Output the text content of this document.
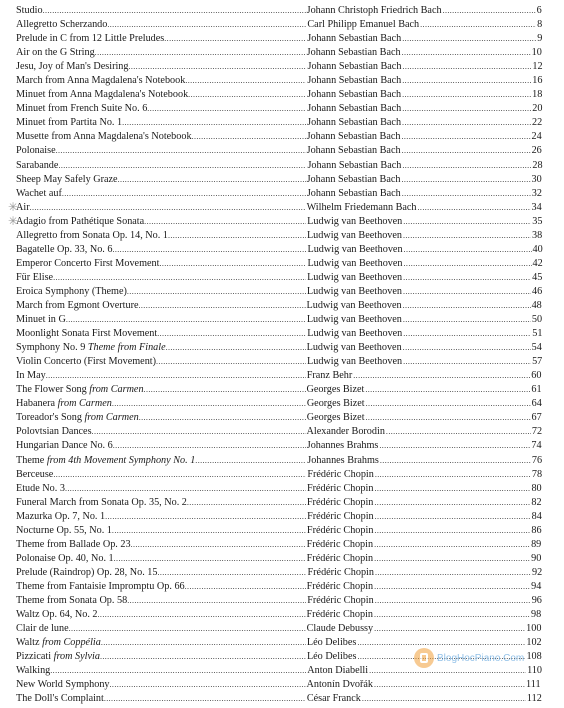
Studio .....	Johann Christoph Friedrich Bach .....	6
Allegretto Scherzando .....	Carl Philipp Emanuel Bach .....	8
Prelude in C from 12 Little Preludes .....	Johann Sebastian Bach .....	9
Air on the G String .....	Johann Sebastian Bach .....	10
Jesu, Joy of Man's Desiring .....	Johann Sebastian Bach .....	12
March from Anna Magdalena's Notebook .....	Johann Sebastian Bach .....	16
Minuet from Anna Magdalena's Notebook .....	Johann Sebastian Bach .....	18
Minuet from French Suite No. 6 .....	Johann Sebastian Bach .....	20
Minuet from Partita No. 1 .....	Johann Sebastian Bach .....	22
Musette from Anna Magdalena's Notebook .....	Johann Sebastian Bach .....	24
Polonaise .....	Johann Sebastian Bach .....	26
Sarabande .....	Johann Sebastian Bach .....	28
Sheep May Safely Graze .....	Johann Sebastian Bach .....	30
Wachet auf .....	Johann Sebastian Bach .....	32
Air .....	Wilhelm Friedemann Bach .....	34
Adagio from Pathétique Sonata .....	Ludwig van Beethoven .....	35
Allegretto from Sonata Op. 14, No. 1 .....	Ludwig van Beethoven .....	38
Bagatelle Op. 33, No. 6 .....	Ludwig van Beethoven .....	40
Emperor Concerto First Movement .....	Ludwig van Beethoven .....	42
Für Elise .....	Ludwig van Beethoven .....	45
Eroica Symphony (Theme) .....	Ludwig van Beethoven .....	46
March from Egmont Overture .....	Ludwig van Beethoven .....	48
Minuet in G .....	Ludwig van Beethoven .....	50
Moonlight Sonata First Movement .....	Ludwig van Beethoven .....	51
Symphony No. 9 Theme from Finale .....	Ludwig van Beethoven .....	54
Violin Concerto (First Movement) .....	Ludwig van Beethoven .....	57
In May .....	Franz Behr .....	60
The Flower Song from Carmen .....	Georges Bizet .....	61
Habanera from Carmen .....	Georges Bizet .....	64
Toreador's Song from Carmen .....	Georges Bizet .....	67
Polovtsian Dances .....	Alexander Borodin .....	72
Hungarian Dance No. 6 .....	Johannes Brahms .....	74
Theme from 4th Movement Symphony No. 1 .....	Johannes Brahms .....	76
Berceuse .....	Frédéric Chopin .....	78
Etude No. 3 .....	Frédéric Chopin .....	80
Funeral March from Sonata Op. 35, No. 2 .....	Frédéric Chopin .....	82
Mazurka Op. 7, No. 1 .....	Frédéric Chopin .....	84
Nocturne Op. 55, No. 1 .....	Frédéric Chopin .....	86
Theme from Ballade Op. 23 .....	Frédéric Chopin .....	89
Polonaise Op. 40, No. 1 .....	Frédéric Chopin .....	90
Prelude (Raindrop) Op. 28, No. 15 .....	Frédéric Chopin .....	92
Theme from Fantaisie Impromptu Op. 66 .....	Frédéric Chopin .....	94
Theme from Sonata Op. 58 .....	Frédéric Chopin .....	96
Waltz Op. 64, No. 2 .....	Frédéric Chopin .....	98
Clair de lune .....	Claude Debussy .....	100
Waltz from Coppélia .....	Léo Delibes .....	102
Pizzicati from Sylvia .....	Léo Delibes .....	108
Walking .....	Anton Diabelli .....	110
New World Symphony .....	Antonín Dvořák .....	111
The Doll's Complaint .....	César Franck .....	112
✳
✳
BlogHocPiano.Com
